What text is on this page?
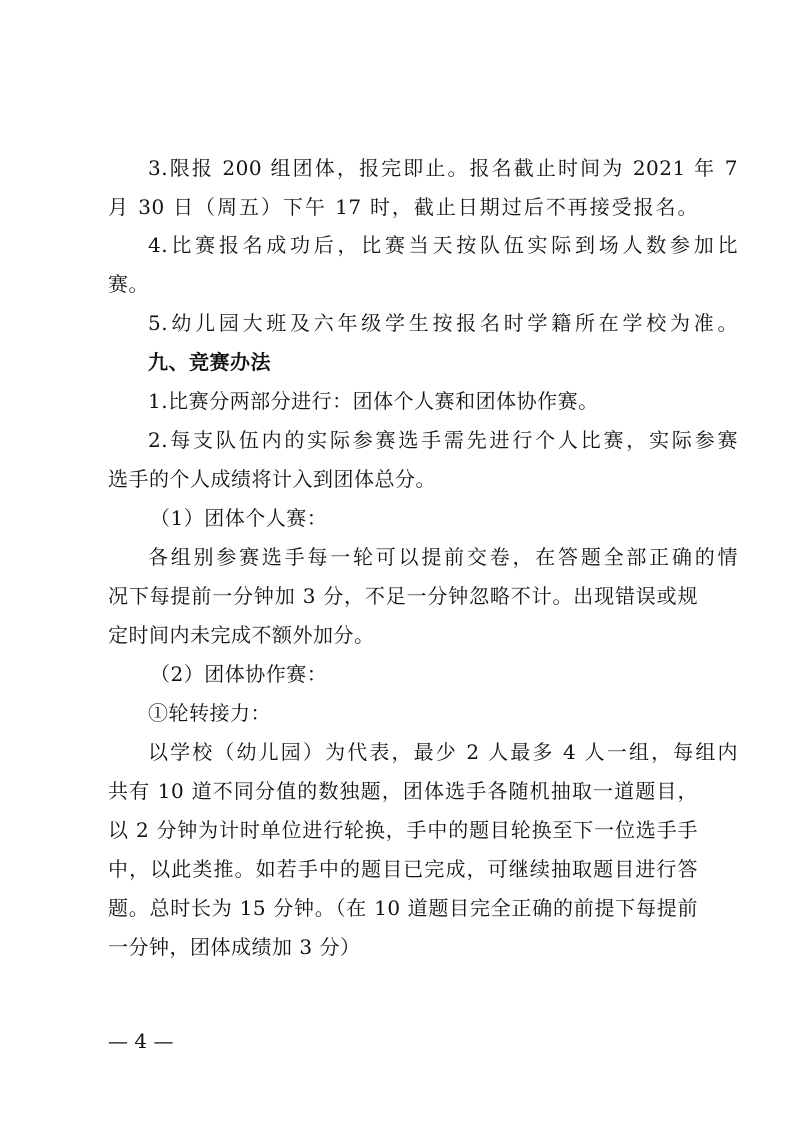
3.限报 200 组团体，报完即止。报名截止时间为 2021 年 7
月 30 日（周五）下午 17 时，截止日期过后不再接受报名。
4.比赛报名成功后，比赛当天按队伍实际到场人数参加比
赛。
5.幼儿园大班及六年级学生按报名时学籍所在学校为准。
九、竞赛办法
1.比赛分两部分进行：团体个人赛和团体协作赛。
2.每支队伍内的实际参赛选手需先进行个人比赛，实际参赛
选手的个人成绩将计入到团体总分。
（1）团体个人赛：
各组别参赛选手每一轮可以提前交卷，在答题全部正确的情
况下每提前一分钟加 3 分，不足一分钟忽略不计。出现错误或规
定时间内未完成不额外加分。
（2）团体协作赛：
①轮转接力：
以学校（幼儿园）为代表，最少 2 人最多 4 人一组，每组内
共有 10 道不同分值的数独题，团体选手各随机抽取一道题目，
以 2 分钟为计时单位进行轮换，手中的题目轮换至下一位选手手
中，以此类推。如若手中的题目已完成，可继续抽取题目进行答
题。总时长为 15 分钟。（在 10 道题目完全正确的前提下每提前
一分钟，团体成绩加 3 分）
— 4 —
